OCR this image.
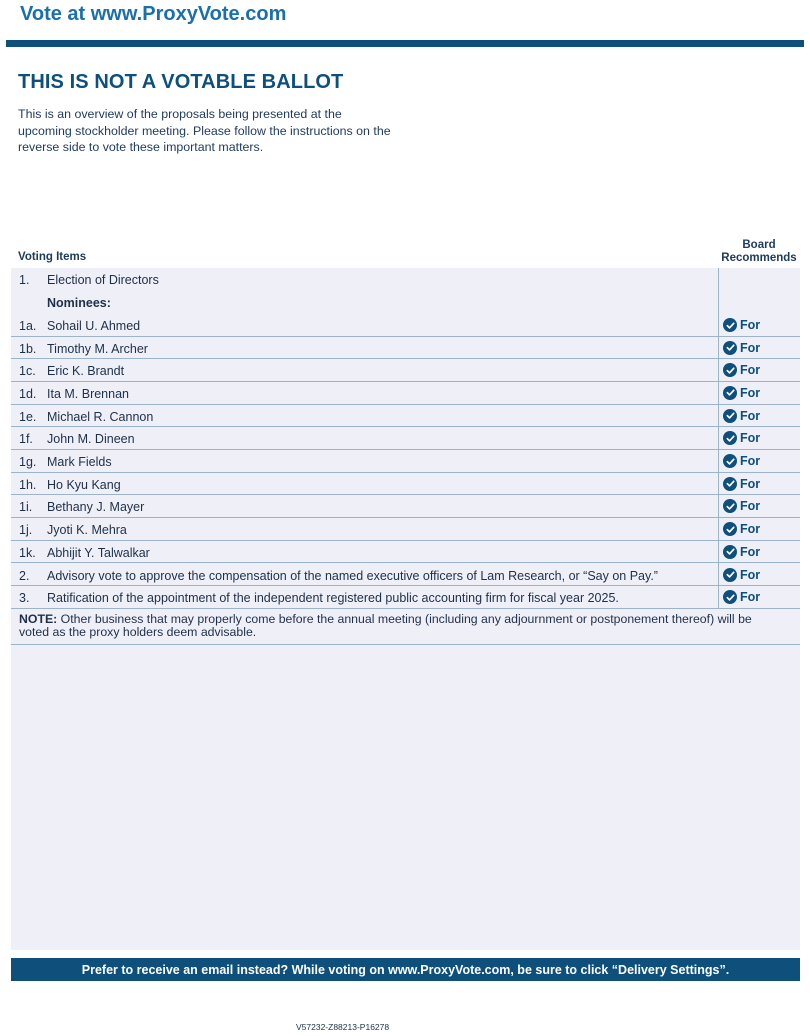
Vote at www.ProxyVote.com
THIS IS NOT A VOTABLE BALLOT
This is an overview of the proposals being presented at the upcoming stockholder meeting. Please follow the instructions on the reverse side to vote these important matters.
Voting Items
Board
Recommends
1. Election of Directors
Nominees:
1a. Sohail U. Ahmed	For
1b. Timothy M. Archer	For
1c. Eric K. Brandt	For
1d. Ita M. Brennan	For
1e. Michael R. Cannon	For
1f. John M. Dineen	For
1g. Mark Fields	For
1h. Ho Kyu Kang	For
1i. Bethany J. Mayer	For
1j. Jyoti K. Mehra	For
1k. Abhijit Y. Talwalkar	For
2. Advisory vote to approve the compensation of the named executive officers of Lam Research, or “Say on Pay.”	For
3. Ratification of the appointment of the independent registered public accounting firm for fiscal year 2025.	For
NOTE: Other business that may properly come before the annual meeting (including any adjournment or postponement thereof) will be voted as the proxy holders deem advisable.
Prefer to receive an email instead? While voting on www.ProxyVote.com, be sure to click “Delivery Settings”.
V57232-Z88213-P16278
